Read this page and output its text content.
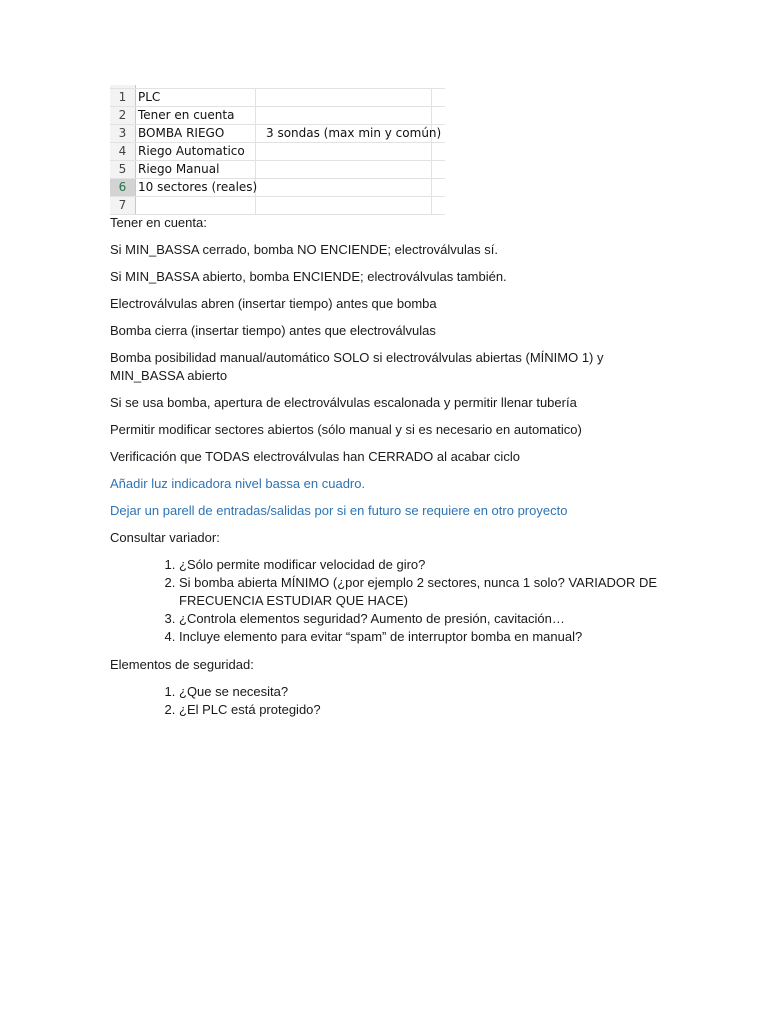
1 PLC
2 Tener en cuenta
3 BOMBA RIEGO	3 sondas (max min y común)
4 Riego Automatico
5 Riego Manual
6 10 sectores (reales)
7

Tener en cuenta:

Si MIN_BASSA cerrado, bomba NO ENCIENDE; electroválvulas sí.

Si MIN_BASSA abierto, bomba ENCIENDE; electroválvulas también.

Electroválvulas abren (insertar tiempo) antes que bomba

Bomba cierra (insertar tiempo) antes que electroválvulas

Bomba posibilidad manual/automático SOLO si electroválvulas abiertas (MÍNIMO 1) y MIN_BASSA abierto

Si se usa bomba, apertura de electroválvulas escalonada y permitir llenar tubería

Permitir modificar sectores abiertos (sólo manual y si es necesario en automatico)

Verificación que TODAS electroválvulas han CERRADO al acabar ciclo

Añadir luz indicadora nivel bassa en cuadro.

Dejar un parell de entradas/salidas por si en futuro se requiere en otro proyecto

Consultar variador:

1. ¿Sólo permite modificar velocidad de giro?
2. Si bomba abierta MÍNIMO (¿por ejemplo 2 sectores, nunca 1 solo? VARIADOR DE FRECUENCIA ESTUDIAR QUE HACE)
3. ¿Controla elementos seguridad? Aumento de presión, cavitación…
4. Incluye elemento para evitar “spam” de interruptor bomba en manual?

Elementos de seguridad:

1. ¿Que se necesita?
2. ¿El PLC está protegido?
